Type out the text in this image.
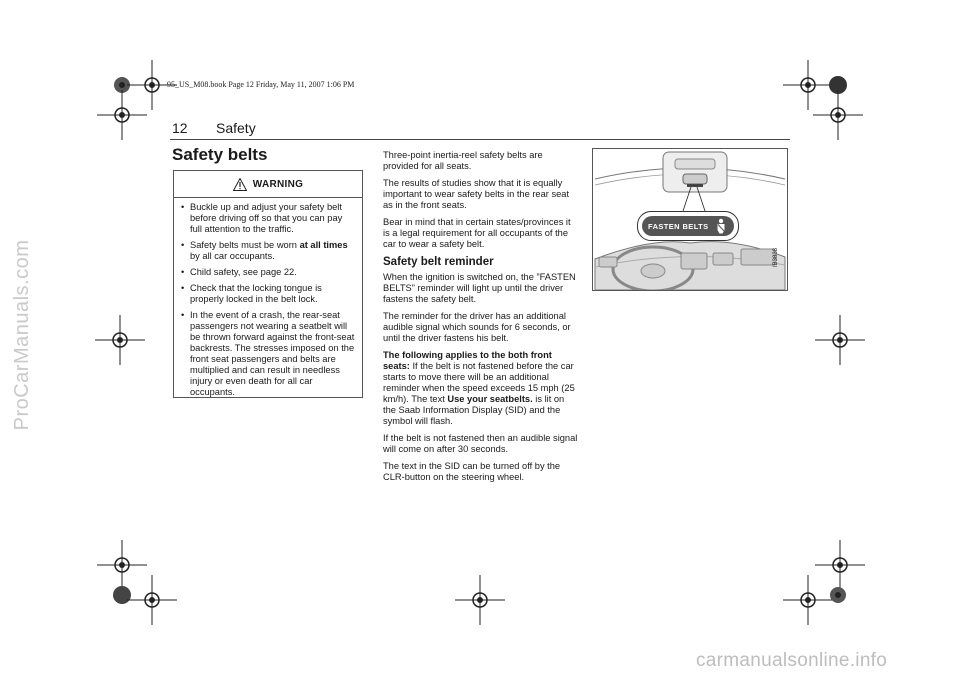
ProCarManuals.com
95_US_M08.book Page 12 Friday, May 11, 2007 1:06 PM
12 Safety
Safety belts
WARNING
• Buckle up and adjust your safety belt before driving off so that you can pay full attention to the traffic.
• Safety belts must be worn at all times by all car occupants.
• Child safety, see page 22.
• Check that the locking tongue is properly locked in the belt lock.
• In the event of a crash, the rear-seat passengers not wearing a seatbelt will be thrown forward against the front-seat backrests. The stresses imposed on the front seat passengers and belts are multiplied and can result in needless injury or even death for all car occupants.

Three-point inertia-reel safety belts are provided for all seats.

The results of studies show that it is equally important to wear safety belts in the rear seat as in the front seats.

Bear in mind that in certain states/provinces it is a legal requirement for all occupants of the car to wear a safety belt.

Safety belt reminder

When the ignition is switched on, the ”FASTEN BELTS” reminder will light up until the driver fastens the safety belt.

The reminder for the driver has an additional audible signal which sounds for 6 seconds, or until the driver fastens his belt.

The following applies to the both front seats: If the belt is not fastened before the car starts to move there will be an additional reminder when the speed exceeds 15 mph (25 km/h). The text Use your seatbelts. is lit on the Saab Information Display (SID) and the symbol will flash.

If the belt is not fastened then an audible signal will come on after 30 seconds.

The text in the SID can be turned off by the CLR-button on the steering wheel.

FASTEN BELTS
IB3838
carmanualsonline.info
